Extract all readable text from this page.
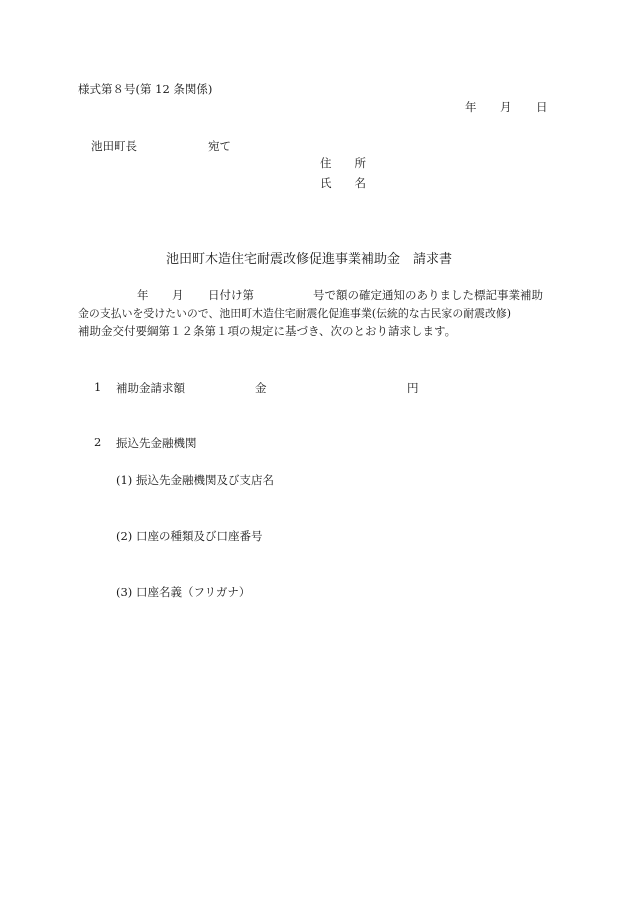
様式第８号(第 12 条関係)
年 月 日
池田町長	宛て
住　　所
氏　　名
池田町木造住宅耐震改修促進事業補助金　請求書
年 月 日付け第	号で額の確定通知のありました標記事業補助
金の支払いを受けたいので、池田町木造住宅耐震化促進事業(伝統的な古民家の耐震改修)
補助金交付要綱第１２条第１項の規定に基づき、次のとおり請求します。
1 補助金請求額	金	円
2 振込先金融機関
(1) 振込先金融機関及び支店名
(2) 口座の種類及び口座番号
(3) 口座名義（フリガナ）
